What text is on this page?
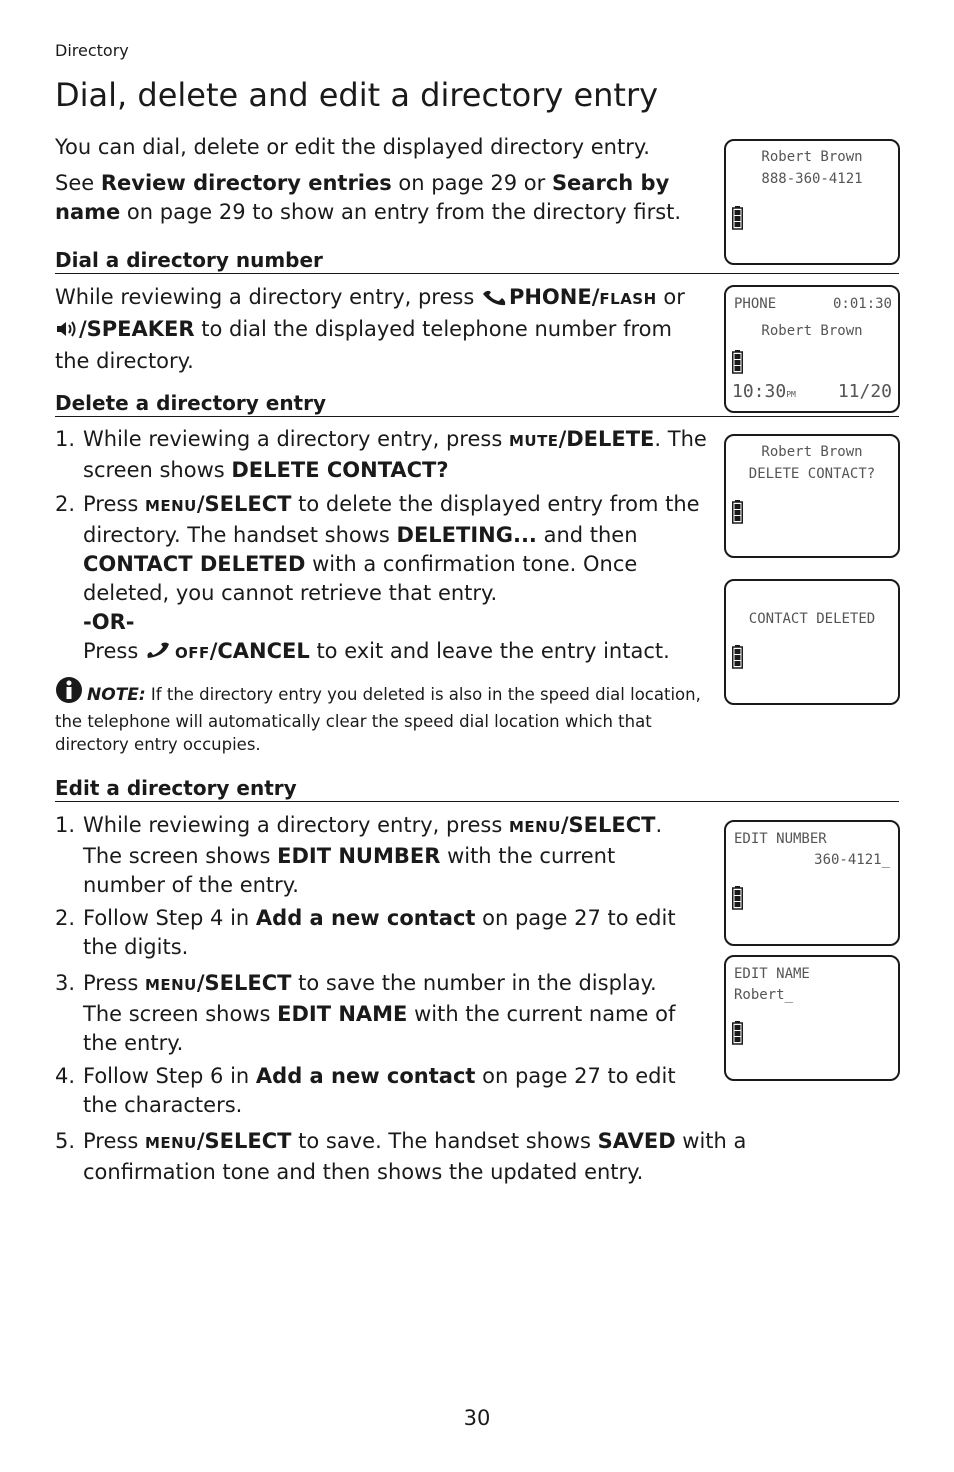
Directory
Dial, delete and edit a directory entry

You can dial, delete or edit the displayed directory entry.

See Review directory entries on page 29 or Search by name on page 29 to show an entry from the directory first.

Dial a directory number

While reviewing a directory entry, press PHONE/FLASH or /SPEAKER to dial the displayed telephone number from the directory.

Delete a directory entry
1. While reviewing a directory entry, press MUTE/DELETE. The screen shows DELETE CONTACT?
2. Press MENU/SELECT to delete the displayed entry from the directory. The handset shows DELETING... and then CONTACT DELETED with a confirmation tone. Once deleted, you cannot retrieve that entry.
-OR-
Press OFF/CANCEL to exit and leave the entry intact.
NOTE: If the directory entry you deleted is also in the speed dial location, the telephone will automatically clear the speed dial location which that directory entry occupies.
Edit a directory entry
1. While reviewing a directory entry, press MENU/SELECT. The screen shows EDIT NUMBER with the current number of the entry.
2. Follow Step 4 in Add a new contact on page 27 to edit the digits.
3. Press MENU/SELECT to save the number in the display. The screen shows EDIT NAME with the current name of the entry.
4. Follow Step 6 in Add a new contact on page 27 to edit the characters.
5. Press MENU/SELECT to save. The handset shows SAVED with a confirmation tone and then shows the updated entry.
Robert Brown
888-360-4121
PHONE	0:01:30
Robert Brown
10:30PM 11/20
Robert Brown
DELETE CONTACT?
CONTACT DELETED
EDIT NUMBER
360-4121_
EDIT NAME
Robert_
30
